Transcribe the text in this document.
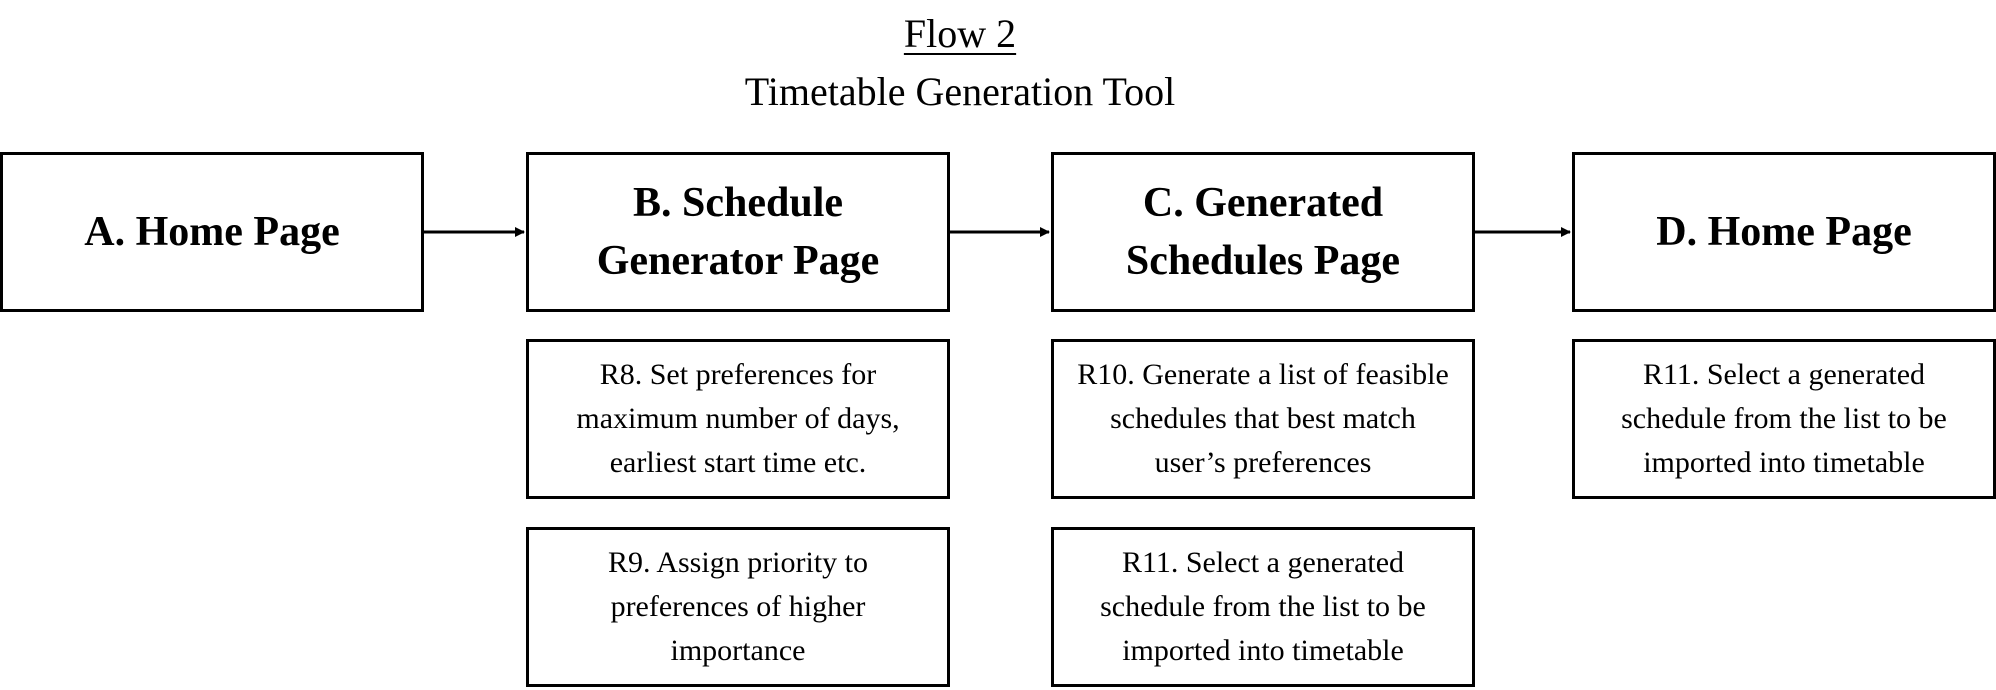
Flow 2
Timetable Generation Tool
A. Home Page
B. Schedule Generator Page
C. Generated Schedules Page
D. Home Page
R8. Set preferences for maximum number of days, earliest start time etc.
R9. Assign priority to preferences of higher importance
R10. Generate a list of feasible schedules that best match user’s preferences
R11. Select a generated schedule from the list to be imported into timetable
R11. Select a generated schedule from the list to be imported into timetable
